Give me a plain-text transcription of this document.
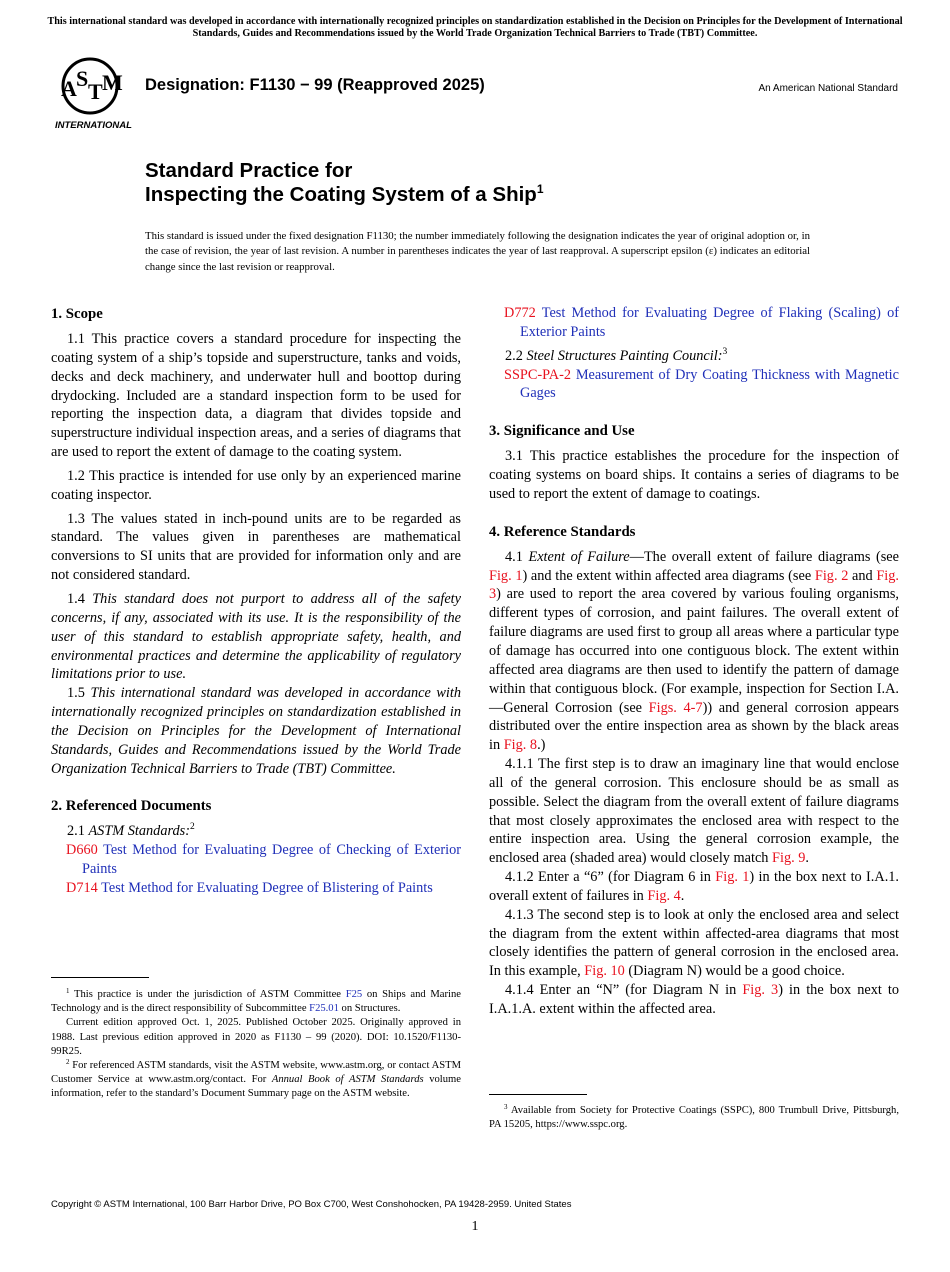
This international standard was developed in accordance with internationally recognized principles on standardization established in the Decision on Principles for the Development of International Standards, Guides and Recommendations issued by the World Trade Organization Technical Barriers to Trade (TBT) Committee.
A S
T M
INTERNATIONAL
Designation: F1130 − 99 (Reapproved 2025)	An American National Standard
Standard Practice for
Inspecting the Coating System of a Ship$^1$
This standard is issued under the fixed designation F1130; the number immediately following the designation indicates the year of original adoption or, in the case of revision, the year of last revision. A number in parentheses indicates the year of last reapproval. A superscript epsilon (ε) indicates an editorial change since the last revision or reapproval.
1. Scope

1.1 This practice covers a standard procedure for inspecting the coating system of a ship’s topside and superstructure, tanks and voids, decks and deck machinery, and underwater hull and boottop during drydocking. Included are a standard inspection form to be used for reporting the inspection data, a diagram that divides topside and superstructure individual inspection areas, and a series of diagrams that are used to report the extent of damage to the coating system.

1.2 This practice is intended for use only by an experienced marine coating inspector.

1.3 The values stated in inch-pound units are to be regarded as standard. The values given in parentheses are mathematical conversions to SI units that are provided for information only and are not considered standard.

1.4 This standard does not purport to address all of the safety concerns, if any, associated with its use. It is the responsibility of the user of this standard to establish appropriate safety, health, and environmental practices and determine the applicability of regulatory limitations prior to use.

1.5 This international standard was developed in accordance with internationally recognized principles on standardization established in the Decision on Principles for the Development of International Standards, Guides and Recommendations issued by the World Trade Organization Technical Barriers to Trade (TBT) Committee.

2. Referenced Documents

2.1 ASTM Standards:$^2$

D660 Test Method for Evaluating Degree of Checking of Exterior Paints

D714 Test Method for Evaluating Degree of Blistering of Paints

$^1$ This practice is under the jurisdiction of ASTM Committee F25 on Ships and Marine Technology and is the direct responsibility of Subcommittee F25.01 on Structures.

Current edition approved Oct. 1, 2025. Published October 2025. Originally approved in 1988. Last previous edition approved in 2020 as F1130 – 99 (2020). DOI: 10.1520/F1130-99R25.

$^2$ For referenced ASTM standards, visit the ASTM website, www.astm.org, or contact ASTM Customer Service at www.astm.org/contact. For Annual Book of ASTM Standards volume information, refer to the standard’s Document Summary page on the ASTM website.

D772 Test Method for Evaluating Degree of Flaking (Scaling) of Exterior Paints

2.2 Steel Structures Painting Council:$^3$

SSPC-PA-2 Measurement of Dry Coating Thickness with Magnetic Gages

3. Significance and Use

3.1 This practice establishes the procedure for the inspection of coating systems on board ships. It contains a series of diagrams to be used to report the extent of damage to coatings.

4. Reference Standards

4.1 Extent of Failure—The overall extent of failure diagrams (see Fig. 1) and the extent within affected area diagrams (see Fig. 2 and Fig. 3) are used to report the area covered by various fouling organisms, different types of corrosion, and paint failures. The overall extent of failure diagrams are used first to group all areas where a particular type of damage has occurred into one contiguous block. The extent within affected area diagrams are then used to identify the pattern of damage within that contiguous block. (For example, inspection for Section I.A.—General Corrosion (see Figs. 4-7)) and general corrosion appears distributed over the entire inspection area as shown by the black areas in Fig. 8.)

4.1.1 The first step is to draw an imaginary line that would enclose all of the general corrosion. This enclosure should be as small as possible. Select the diagram from the overall extent of failure diagrams that most closely approximates the enclosed area with respect to the entire inspection area. Using the general corrosion example, the enclosed area (shaded area) would closely match Fig. 9.

4.1.2 Enter a “6” (for Diagram 6 in Fig. 1) in the box next to I.A.1. overall extent of failures in Fig. 4.

4.1.3 The second step is to look at only the enclosed area and select the diagram from the extent within affected-area diagrams that most closely identifies the pattern of general corrosion in the enclosed area. In this example, Fig. 10 (Diagram N) would be a good choice.

4.1.4 Enter an “N” (for Diagram N in Fig. 3) in the box next to I.A.1.A. extent within the affected area.

$^3$ Available from Society for Protective Coatings (SSPC), 800 Trumbull Drive, Pittsburgh, PA 15205, https://www.sspc.org.

Copyright © ASTM International, 100 Barr Harbor Drive, PO Box C700, West Conshohocken, PA 19428-2959. United States
1
